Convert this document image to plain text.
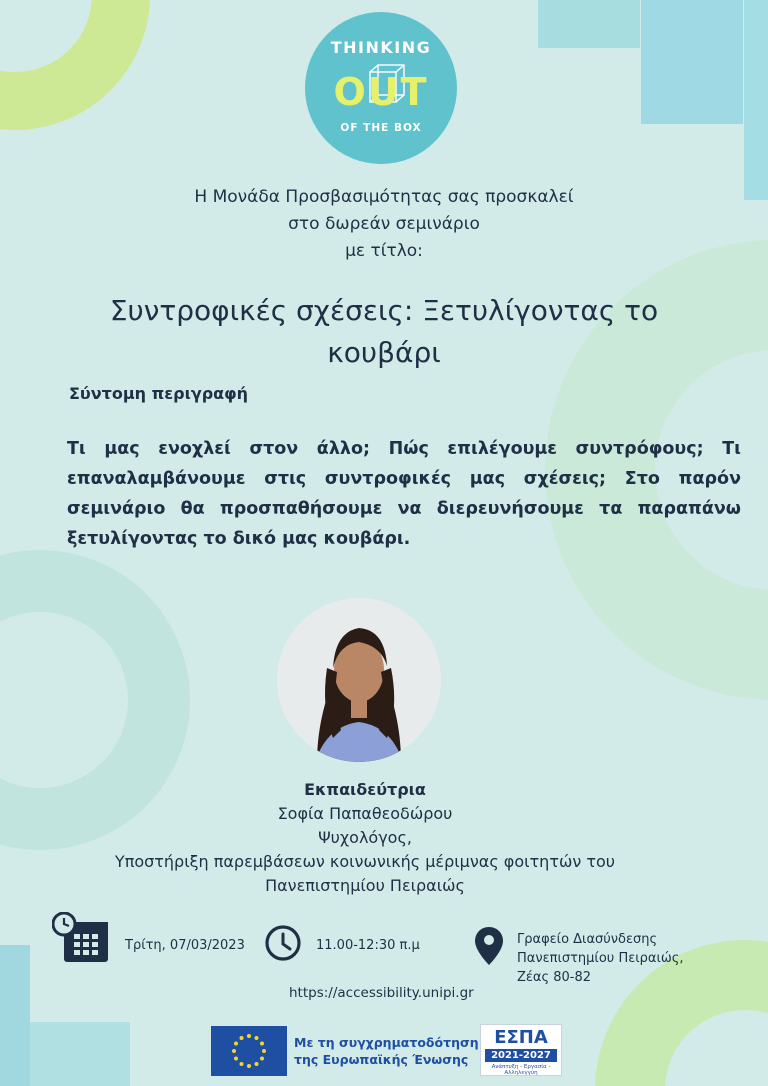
THINKING
OUT
OF THE BOX
Η Μονάδα Προσβασιμότητας σας προσκαλεί
στο δωρεάν σεμινάριο
με τίτλο:
Συντροφικές σχέσεις: Ξετυλίγοντας το
κουβάρι
Σύντομη περιγραφή

Τι μας ενοχλεί στον άλλο; Πώς επιλέγουμε συντρόφους; Τι επαναλαμβάνουμε στις συντροφικές μας σχέσεις; Στο παρόν σεμινάριο θα προσπαθήσουμε να διερευνήσουμε τα παραπάνω ξετυλίγοντας το δικό μας κουβάρι.

Εκπαιδεύτρια
Σοφία Παπαθεοδώρου
Ψυχολόγος,
Υποστήριξη παρεμβάσεων κοινωνικής μέριμνας φοιτητών του
Πανεπιστημίου Πειραιώς
Τρίτη, 07/03/2023	11.00-12:30 π.μ	Γραφείο Διασύνδεσης
Πανεπιστημίου Πειραιώς,
Ζέας 80-82
https://accessibility.unipi.gr
Με τη συγχρηματοδότηση
της Ευρωπαϊκής Ένωσης
ΕΣΠΑ
2021-2027
Ανάπτυξη - Εργασία - Αλληλεγγύη
